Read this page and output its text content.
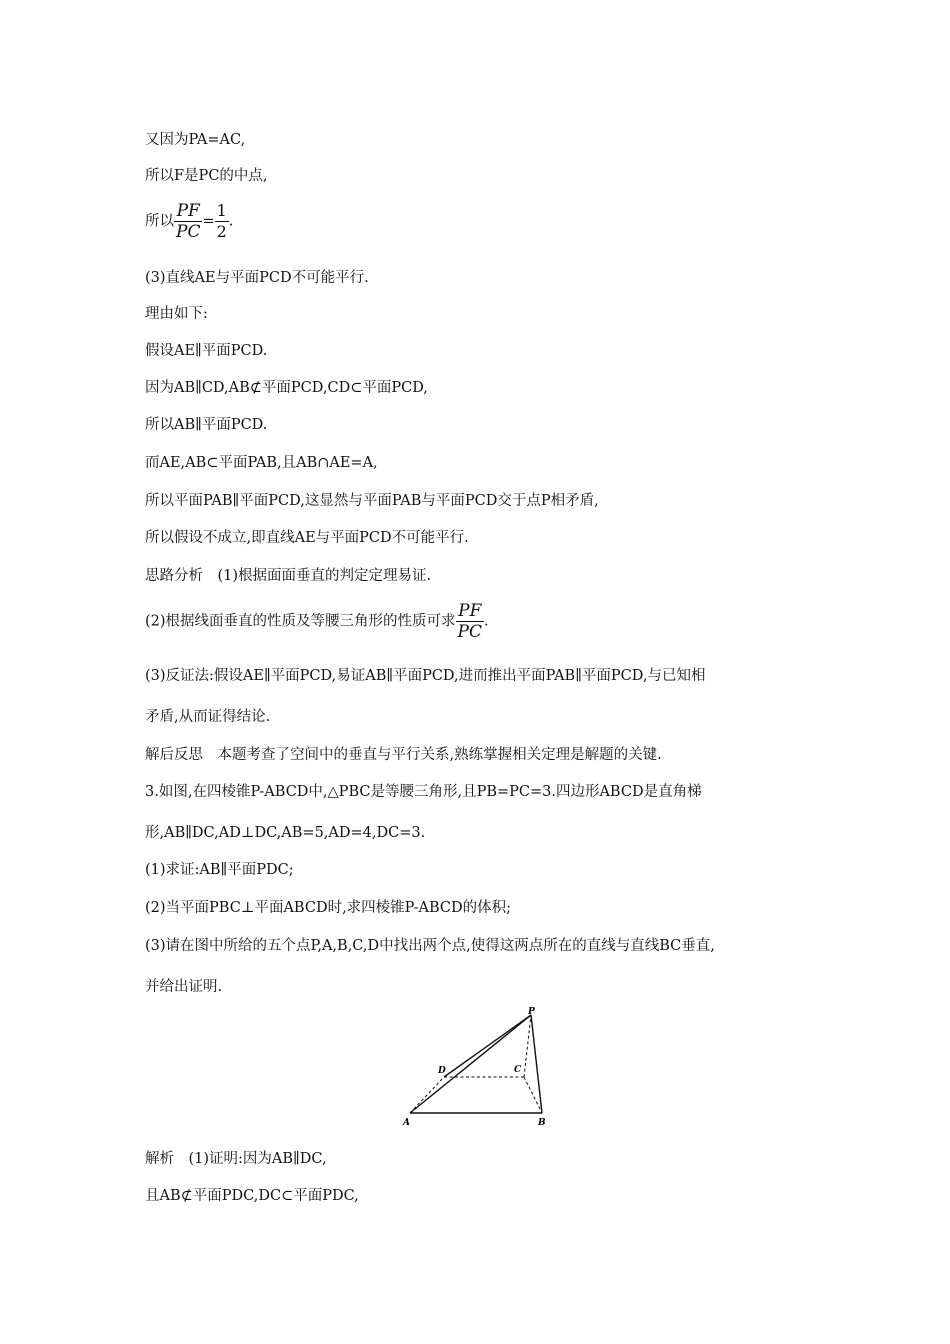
又因为PA=AC,
所以F是PC的中点,
所以 $\frac{PF}{PC} = \frac{1}{2}$ .
(3)直线AE与平面PCD不可能平行.
理由如下:
假设AE∥平面PCD.
因为AB∥CD,AB⊄平面PCD,CD⊂平面PCD,
所以AB∥平面PCD.
而AE,AB⊂平面PAB,且AB∩AE=A,
所以平面PAB∥平面PCD,这显然与平面PAB与平面PCD交于点P相矛盾,
所以假设不成立,即直线AE与平面PCD不可能平行.
思路分析　(1)根据面面垂直的判定定理易证.
(2)根据线面垂直的性质及等腰三角形的性质可求 $\frac{PF}{PC}$ .
(3)反证法:假设AE∥平面PCD,易证AB∥平面PCD,进而推出平面PAB∥平面PCD,与已知相
矛盾,从而证得结论.
解后反思　本题考查了空间中的垂直与平行关系,熟练掌握相关定理是解题的关键.
3.如图,在四棱锥P-ABCD中,△PBC是等腰三角形,且PB=PC=3.四边形ABCD是直角梯
形,AB∥DC,AD⊥DC,AB=5,AD=4,DC=3.
(1)求证:AB∥平面PDC;
(2)当平面PBC⊥平面ABCD时,求四棱锥P-ABCD的体积;
(3)请在图中所给的五个点P,A,B,C,D中找出两个点,使得这两点所在的直线与直线BC垂直,
并给出证明.
P
A	B
C
D
解析　(1)证明:因为AB∥DC,
且AB⊄平面PDC,DC⊂平面PDC,
